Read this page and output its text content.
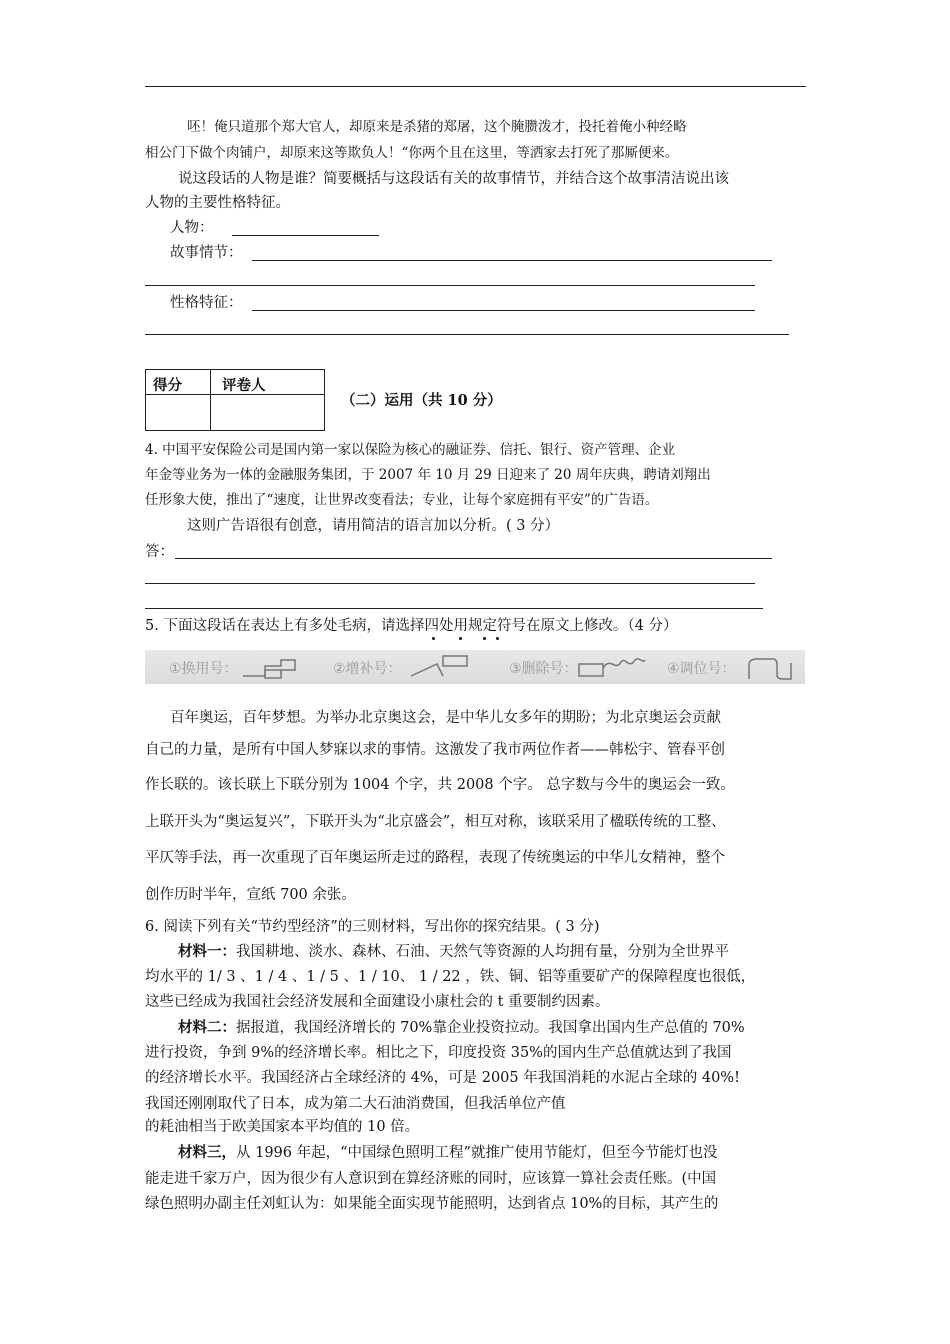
呸！俺只道那个郑大官人，却原来是杀猪的郑屠，这个腌臜泼才，投托着俺小种经略
相公门下做个肉铺户，却原来这等欺负人！“你两个且在这里，等洒家去打死了那厮便来。
说这段话的人物是谁？简要概括与这段话有关的故事情节，并结合这个故事清洁说出该
人物的主要性格特征。
人物：
故事情节：
性格特征：
得分	评卷人
（二）运用（共 10 分）
4. 中国平安保险公司是国内第一家以保险为核心的融证券、信托、银行、资产管理、企业
年金等业务为一体的金融服务集团，于 2007 年 10 月 29 日迎来了 20 周年庆典，聘请刘翔出
任形象大使，推出了“速度，让世界改变看法；专业，让每个家庭拥有平安”的广告语。
这则广告语很有创意，请用简洁的语言加以分析。( 3 分）
答：
5. 下面这段话在表达上有多处毛病，请选择四处用规定符号在原文上修改。（4 分）
①换用号：	②增补号：	③删除号：	④调位号：
百年奥运，百年梦想。为举办北京奥这会，是中华儿女多年的期盼；为北京奥运会贡献
自己的力量，是所有中国人梦寐以求的事情。这激发了我市两位作者——韩松宇、管春平创
作长联的。该长联上下联分别为 1004 个字，共 2008 个字。 总字数与今牛的奥运会一致。
上联开头为“奥运复兴”，下联开头为“北京盛会”，相互对称，该联采用了楹联传统的工整、
平仄等手法，再一次重现了百年奥运所走过的路程，表现了传统奥运的中华儿女精神，整个
创作历时半年，宣纸 700 余张。
6. 阅读下列有关“节约型经济”的三则材料，写出你的探究结果。( 3 分)
材料一：我国耕地、淡水、森林、石油、天然气等资源的人均拥有量，分别为全世界平
均水平的 1/ 3 、1 / 4 、1 / 5 、1 / 10、 1 / 22 ，铁、铜、铝等重要矿产的保障程度也很低，
这些已经成为我国社会经济发展和全面建设小康杜会的 t 重要制约因素。
材料二：据报道，我国经济增长的 70%靠企业投资拉动。我国拿出国内生产总值的 70%
进行投资，争到 9%的经济增长率。相比之下，印度投资 35%的国内生产总值就达到了我国
的经济增长水平。我国经济占全球经济的 4%，可是 2005 年我国消耗的水泥占全球的 40%!
我国还刚刚取代了日本，成为第二大石油消费国，但我活单位产值
的耗油相当于欧美国家本平均值的 10 倍。
材料三，从 1996 年起，“中国绿色照明工程”就推广使用节能灯，但至今节能灯也没
能走进千家万户，因为很少有人意识到在算经济账的同时，应该算一算社会责任账。(中国
绿色照明办副主任刘虹认为：如果能全面实现节能照明，达到省点 10%的目标，其产生的
